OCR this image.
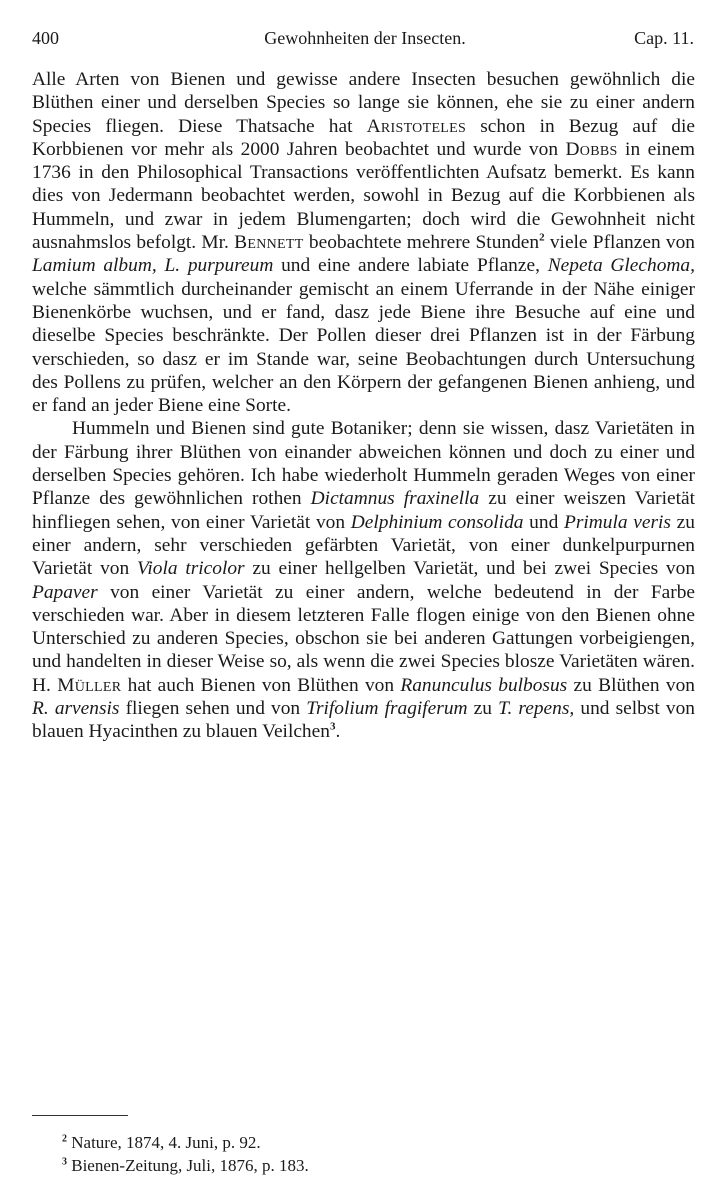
400	Gewohnheiten der Insecten.	Cap. 11.

Alle Arten von Bienen und gewisse andere Insecten besuchen gewöhnlich die Blüthen einer und derselben Species so lange sie können, ehe sie zu einer andern Species fliegen. Diese Thatsache hat Aristoteles schon in Bezug auf die Korbbienen vor mehr als 2000 Jahren beobachtet und wurde von Dobbs in einem 1736 in den Philosophical Transactions veröffentlichten Aufsatz bemerkt. Es kann dies von Jedermann beobachtet werden, sowohl in Bezug auf die Korbbienen als Hummeln, und zwar in jedem Blumengarten; doch wird die Gewohnheit nicht ausnahmslos befolgt. Mr. Bennett beobachtete mehrere Stunden$^2$ viele Pflanzen von Lamium album, L. purpureum und eine andere labiate Pflanze, Nepeta Glechoma, welche sämmtlich durcheinander gemischt an einem Uferrande in der Nähe einiger Bienenkörbe wuchsen, und er fand, dasz jede Biene ihre Besuche auf eine und dieselbe Species beschränkte. Der Pollen dieser drei Pflanzen ist in der Färbung verschieden, so dasz er im Stande war, seine Beobachtungen durch Untersuchung des Pollens zu prüfen, welcher an den Körpern der gefangenen Bienen anhieng, und er fand an jeder Biene eine Sorte.

Hummeln und Bienen sind gute Botaniker; denn sie wissen, dasz Varietäten in der Färbung ihrer Blüthen von einander abweichen können und doch zu einer und derselben Species gehören. Ich habe wiederholt Hummeln geraden Weges von einer Pflanze des gewöhnlichen rothen Dictamnus fraxinella zu einer weiszen Varietät hinfliegen sehen, von einer Varietät von Delphinium consolida und Primula veris zu einer andern, sehr verschieden gefärbten Varietät, von einer dunkelpurpurnen Varietät von Viola tricolor zu einer hellgelben Varietät, und bei zwei Species von Papaver von einer Varietät zu einer andern, welche bedeutend in der Farbe verschieden war. Aber in diesem letzteren Falle flogen einige von den Bienen ohne Unterschied zu anderen Species, obschon sie bei anderen Gattungen vorbeigiengen, und handelten in dieser Weise so, als wenn die zwei Species blosze Varietäten wären. H. Müller hat auch Bienen von Blüthen von Ranunculus bulbosus zu Blüthen von R. arvensis fliegen sehen und von Trifolium fragiferum zu T. repens, und selbst von blauen Hyacinthen zu blauen Veilchen$^3$.

$^2$ Nature, 1874, 4. Juni, p. 92.
$^3$ Bienen-Zeitung, Juli, 1876, p. 183.
